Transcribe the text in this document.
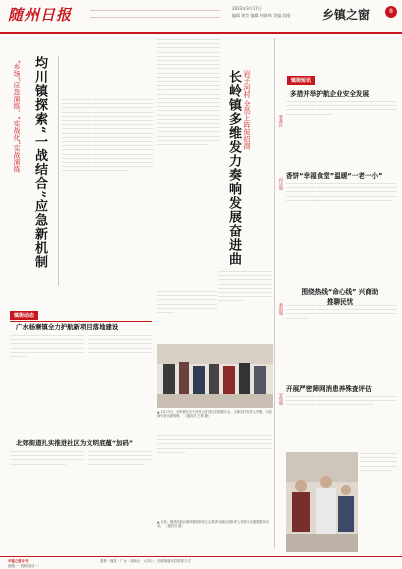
随州日报	2023年3月17日
编辑 周芸 编辑 何群林 美编 段刚	乡镇之窗	8
均川镇探索“一战结合”应急新机制
“乡场”应急演练，“实战化”实战演练	················································································································································································································································································································································································································································································································································································································································································································································································································································································································································································································································································································································································································································································································································································································································································································································································································································································································
岩子河村 全员上阵促招商
长岭镇多维发力奏响发展奋进曲
····················································································································································································································································································································································································································································································································································································································································································································································································································································································································································································································································································································································································································································································································································································································································································································································································································································································································
··························································································································································································································································································································································································································
··································································································································································································································································································································
镇街短讯
曾都区
多措并举护航企业安全发展
··································································································································································································································································································································································································
何店镇
香饼“幸福食堂”温暖“一老一小”
················································································································································································································································································································································································································································································································································································
新街镇
围绕热线“命心线” 兴商助推聊民忧
·········································································································································································································································································································································································
安居镇
开展严密筛网消患养殊查评估
···························································································································································································································································································································
························································································································································································
▲ 3月13日，长岭镇在岩子河村召开项目招商推介会，全镇各村负责人齐聚，为招商引资出谋划策。 （通讯员 王坤 摄）
镇街动态
广水杨寨镇全力护航新项目落地建设
·······································································································································································································································································································································································································
······································································································································································································································································································································
北郊街道扎实推进社区为文明底蕴“加码”
··························································································································································································································································································
·····························································································································································································································································
·················································································································································································································································································································································································································································································································
▲ 日前，随州高新区淅河镇组织爱心志愿者为辖区高龄老人开展义诊健康服务活动。 （通讯员 摄）
乡镇之窗专刊
邮箱：··· 投稿电话：···
曾都 · 随县 · 广水 · 高新区 · 大洪山 · 各镇街通讯员联系方式
